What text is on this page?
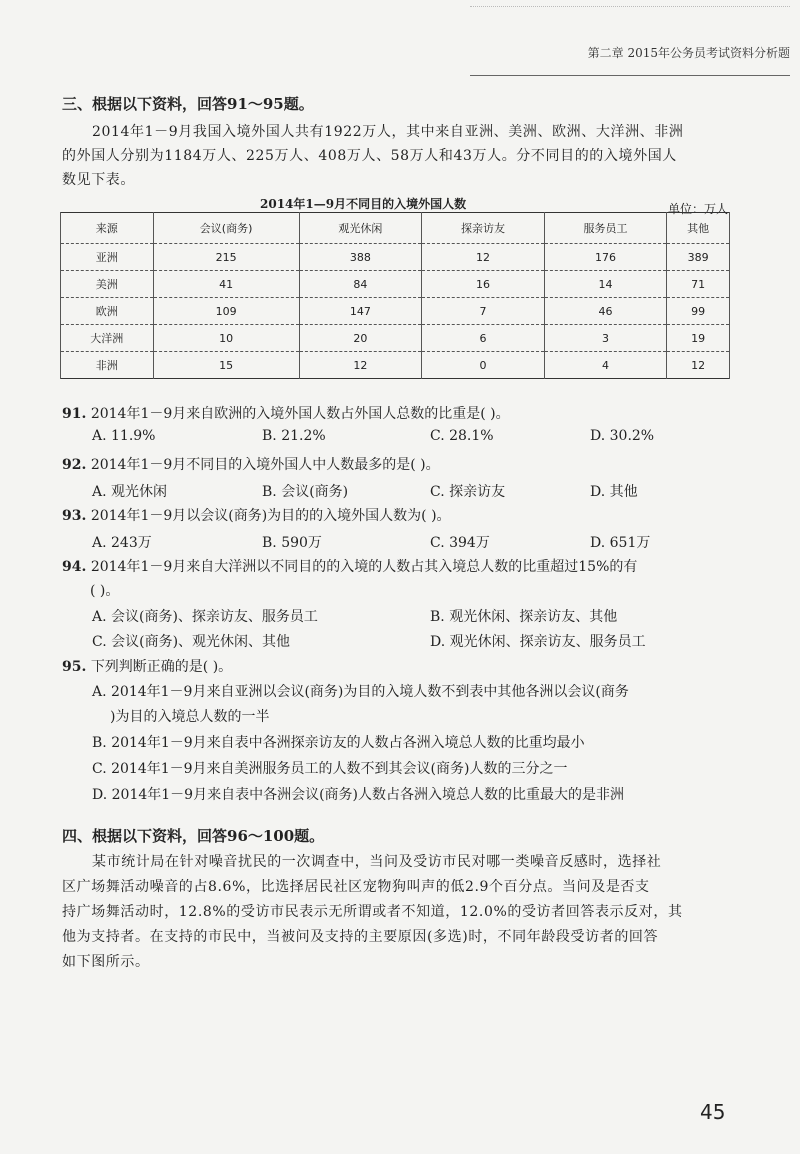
第二章 2015年公务员考试资料分析题
三、根据以下资料，回答91～95题。
2014年1－9月我国入境外国人共有1922万人，其中来自亚洲、美洲、欧洲、大洋洲、非洲
的外国人分别为1184万人、225万人、408万人、58万人和43万人。分不同目的的入境外国人
数见下表。
2014年1—9月不同目的入境外国人数	单位：万人
来源	会议(商务)	观光休闲	探亲访友	服务员工	其他
亚洲	215	388	12	176	389
美洲	41	84	16	14	71
欧洲	109	147	7	46	99
大洋洲	10	20	6	3	19
非洲	15	12	0	4	12
91. 2014年1－9月来自欧洲的入境外国人数占外国人总数的比重是( )。
A. 11.9%	B. 21.2%	C. 28.1%	D. 30.2%
92. 2014年1－9月不同目的入境外国人中人数最多的是( )。
A. 观光休闲	B. 会议(商务)	C. 探亲访友	D. 其他
93. 2014年1－9月以会议(商务)为目的的入境外国人数为( )。
A. 243万	B. 590万	C. 394万	D. 651万
94. 2014年1－9月来自大洋洲以不同目的的入境的人数占其入境总人数的比重超过15%的有
( )。
A. 会议(商务)、探亲访友、服务员工	B. 观光休闲、探亲访友、其他
C. 会议(商务)、观光休闲、其他	D. 观光休闲、探亲访友、服务员工
95. 下列判断正确的是( )。
A. 2014年1－9月来自亚洲以会议(商务)为目的入境人数不到表中其他各洲以会议(商务
)为目的入境总人数的一半
B. 2014年1－9月来自表中各洲探亲访友的人数占各洲入境总人数的比重均最小
C. 2014年1－9月来自美洲服务员工的人数不到其会议(商务)人数的三分之一
D. 2014年1－9月来自表中各洲会议(商务)人数占各洲入境总人数的比重最大的是非洲
四、根据以下资料，回答96～100题。
某市统计局在针对噪音扰民的一次调查中，当问及受访市民对哪一类噪音反感时，选择社
区广场舞活动噪音的占8.6%，比选择居民社区宠物狗叫声的低2.9个百分点。当问及是否支
持广场舞活动时，12.8%的受访市民表示无所谓或者不知道，12.0%的受访者回答表示反对，其
他为支持者。在支持的市民中，当被问及支持的主要原因(多选)时，不同年龄段受访者的回答
如下图所示。
45
